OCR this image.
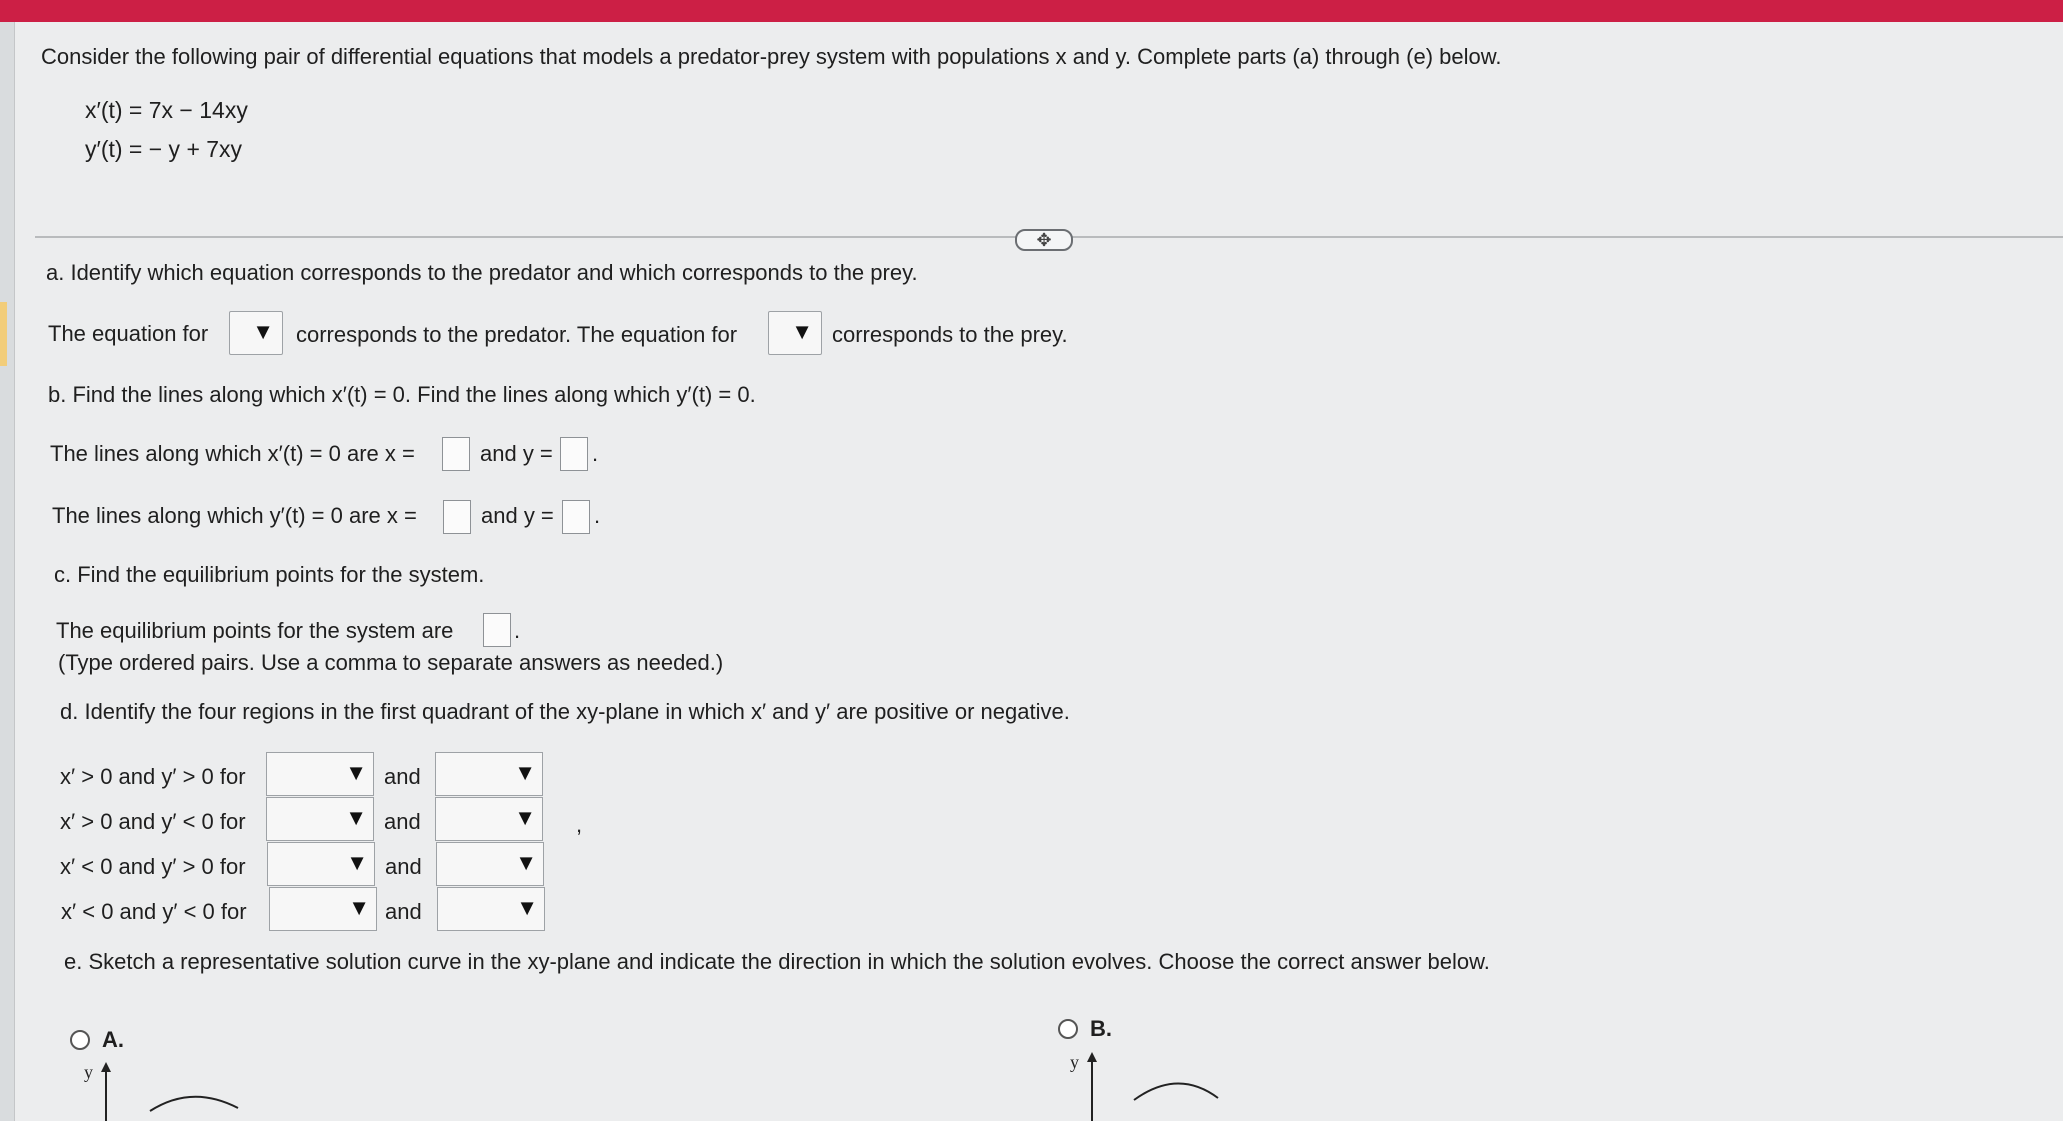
Consider the following pair of differential equations that models a predator-prey system with populations x and y. Complete parts (a) through (e) below.
x′(t) = 7x − 14xy
y′(t) = − y + 7xy
✥
a. Identify which equation corresponds to the predator and which corresponds to the prey.
The equation for ▼ corresponds to the predator. The equation for ▼ corresponds to the prey.
b. Find the lines along which x′(t) = 0. Find the lines along which y′(t) = 0.
The lines along which x′(t) = 0 are x =	and y = .
The lines along which y′(t) = 0 are x =	and y = .
c. Find the equilibrium points for the system.
The equilibrium points for the system are	.
(Type ordered pairs. Use a comma to separate answers as needed.)
d. Identify the four regions in the first quadrant of the xy-plane in which x′ and y′ are positive or negative.
x′ > 0 and y′ > 0 for	▼ and	▼
x′ > 0 and y′ < 0 for	▼ and	▼ ,
x′ < 0 and y′ > 0 for	▼ and	▼
x′ < 0 and y′ < 0 for	▼ and	▼
e. Sketch a representative solution curve in the xy-plane and indicate the direction in which the solution evolves. Choose the correct answer below.
A.	B.
y	y
